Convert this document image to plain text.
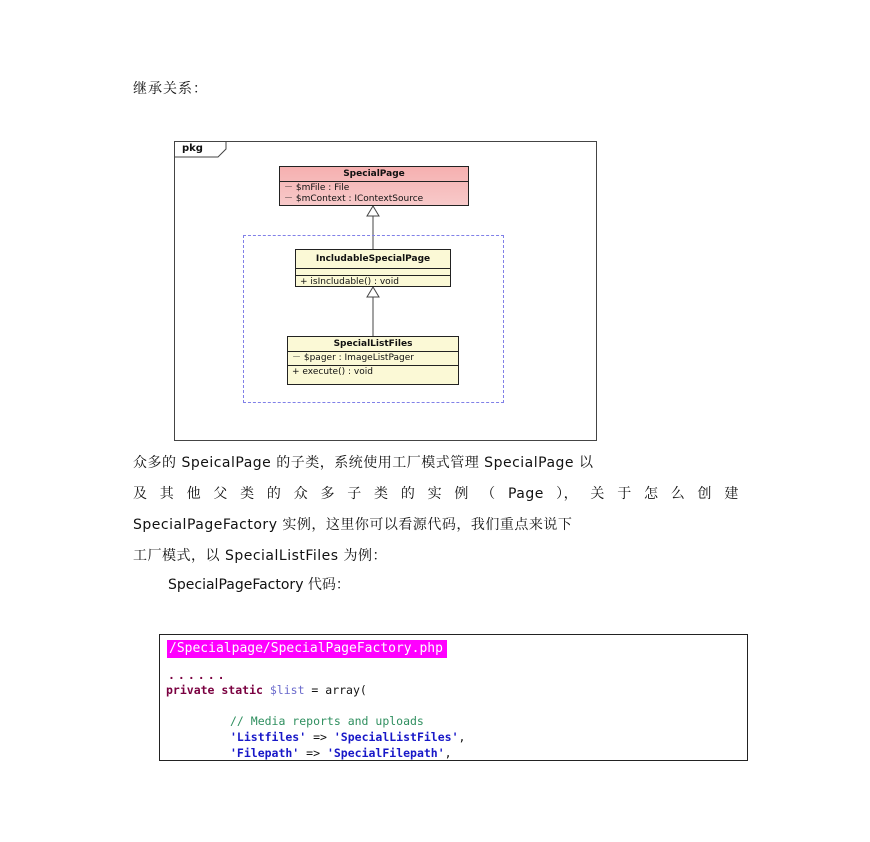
继承关系：
pkg
SpecialPage
－ $mFile : File
－ $mContext : IContextSource
IncludableSpecialPage
+ isIncludable() : void
SpecialListFiles
－ $pager : ImageListPager
+ execute() : void
众多的 SpeicalPage 的子类，系统使用工厂模式管理 SpecialPage 以
及 其 他 父 类 的 众 多 子 类 的 实 例 （ Page ）， 关 于 怎 么 创 建
SpecialPageFactory 实例，这里你可以看源代码，我们重点来说下
工厂模式，以 SpecialListFiles 为例：
SpecialPageFactory 代码：
/Specialpage/SpecialPageFactory.php
......
private static $list = array(
// Media reports and uploads
'Listfiles' => 'SpecialListFiles',
'Filepath' => 'SpecialFilepath',
